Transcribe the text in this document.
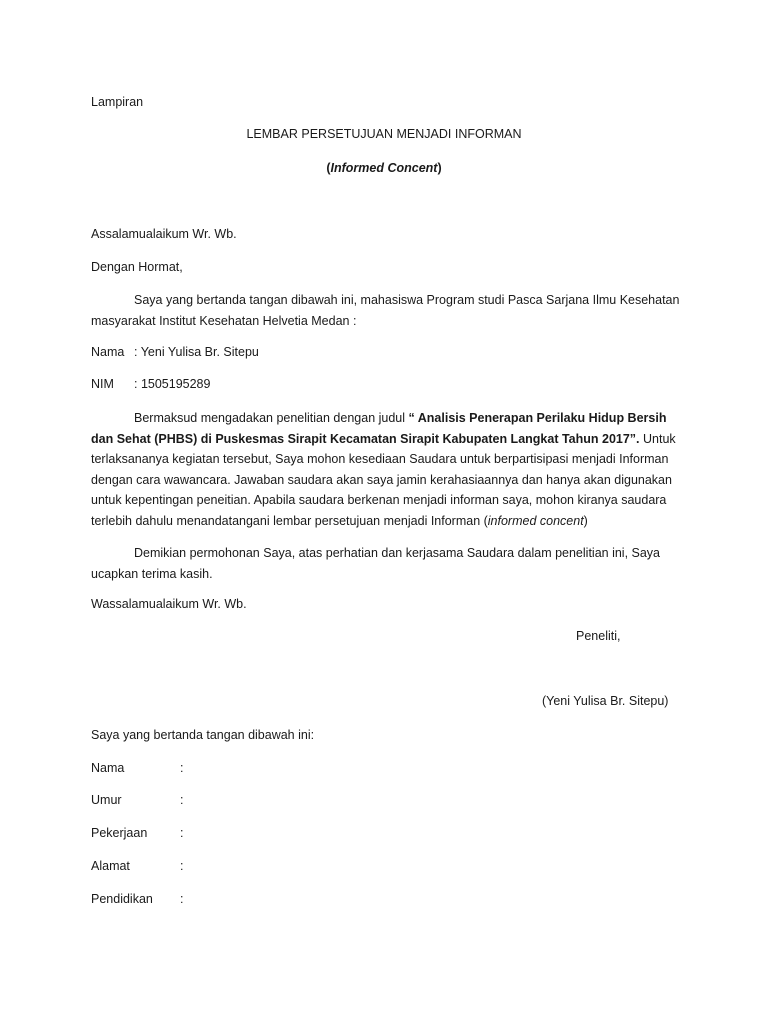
Lampiran
LEMBAR PERSETUJUAN MENJADI INFORMAN
(Informed Concent)
Assalamualaikum Wr. Wb.
Dengan Hormat,
Saya yang bertanda tangan dibawah ini, mahasiswa Program studi Pasca Sarjana Ilmu Kesehatan masyarakat Institut Kesehatan Helvetia Medan :
Nama : Yeni Yulisa Br. Sitepu
NIM : 1505195289
Bermaksud mengadakan penelitian dengan judul “ Analisis Penerapan Perilaku Hidup Bersih dan Sehat (PHBS) di Puskesmas Sirapit Kecamatan Sirapit Kabupaten Langkat Tahun 2017”. Untuk terlaksananya kegiatan tersebut, Saya mohon kesediaan Saudara untuk berpartisipasi menjadi Informan dengan cara wawancara. Jawaban saudara akan saya jamin kerahasiaannya dan hanya akan digunakan untuk kepentingan peneitian. Apabila saudara berkenan menjadi informan saya, mohon kiranya saudara terlebih dahulu menandatangani lembar persetujuan menjadi Informan (informed concent)
Demikian permohonan Saya, atas perhatian dan kerjasama Saudara dalam penelitian ini, Saya ucapkan terima kasih.
Wassalamualaikum Wr. Wb.
Peneliti,
(Yeni Yulisa Br. Sitepu)
Saya yang bertanda tangan dibawah ini:
Nama	:
Umur	:
Pekerjaan	:
Alamat	:
Pendidikan :
